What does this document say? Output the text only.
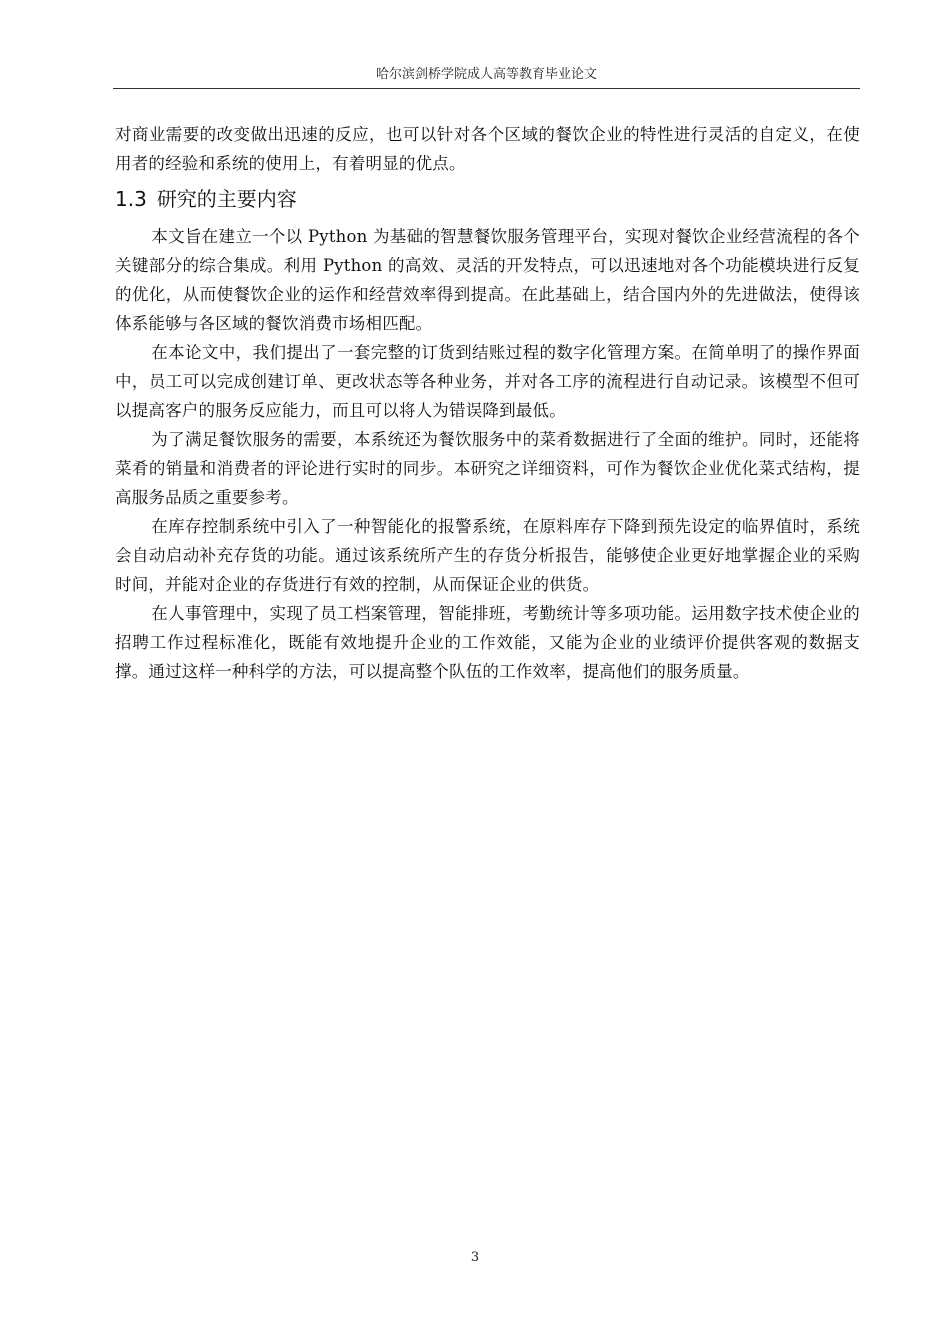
哈尔滨剑桥学院成人高等教育毕业论文

对商业需要的改变做出迅速的反应，也可以针对各个区域的餐饮企业的特性进行灵活的自定义，在使用者的经验和系统的使用上，有着明显的优点。

1.3 研究的主要内容

本文旨在建立一个以 Python 为基础的智慧餐饮服务管理平台，实现对餐饮企业经营流程的各个关键部分的综合集成。利用 Python 的高效、灵活的开发特点，可以迅速地对各个功能模块进行反复的优化，从而使餐饮企业的运作和经营效率得到提高。在此基础上，结合国内外的先进做法，使得该体系能够与各区域的餐饮消费市场相匹配。

在本论文中，我们提出了一套完整的订货到结账过程的数字化管理方案。在简单明了的操作界面中，员工可以完成创建订单、更改状态等各种业务，并对各工序的流程进行自动记录。该模型不但可以提高客户的服务反应能力，而且可以将人为错误降到最低。

为了满足餐饮服务的需要，本系统还为餐饮服务中的菜肴数据进行了全面的维护。同时，还能将菜肴的销量和消费者的评论进行实时的同步。本研究之详细资料，可作为餐饮企业优化菜式结构，提高服务品质之重要参考。

在库存控制系统中引入了一种智能化的报警系统，在原料库存下降到预先设定的临界值时，系统会自动启动补充存货的功能。通过该系统所产生的存货分析报告，能够使企业更好地掌握企业的采购时间，并能对企业的存货进行有效的控制，从而保证企业的供货。

在人事管理中，实现了员工档案管理，智能排班，考勤统计等多项功能。运用数字技术使企业的招聘工作过程标准化，既能有效地提升企业的工作效能，又能为企业的业绩评价提供客观的数据支撑。通过这样一种科学的方法，可以提高整个队伍的工作效率，提高他们的服务质量。

3
